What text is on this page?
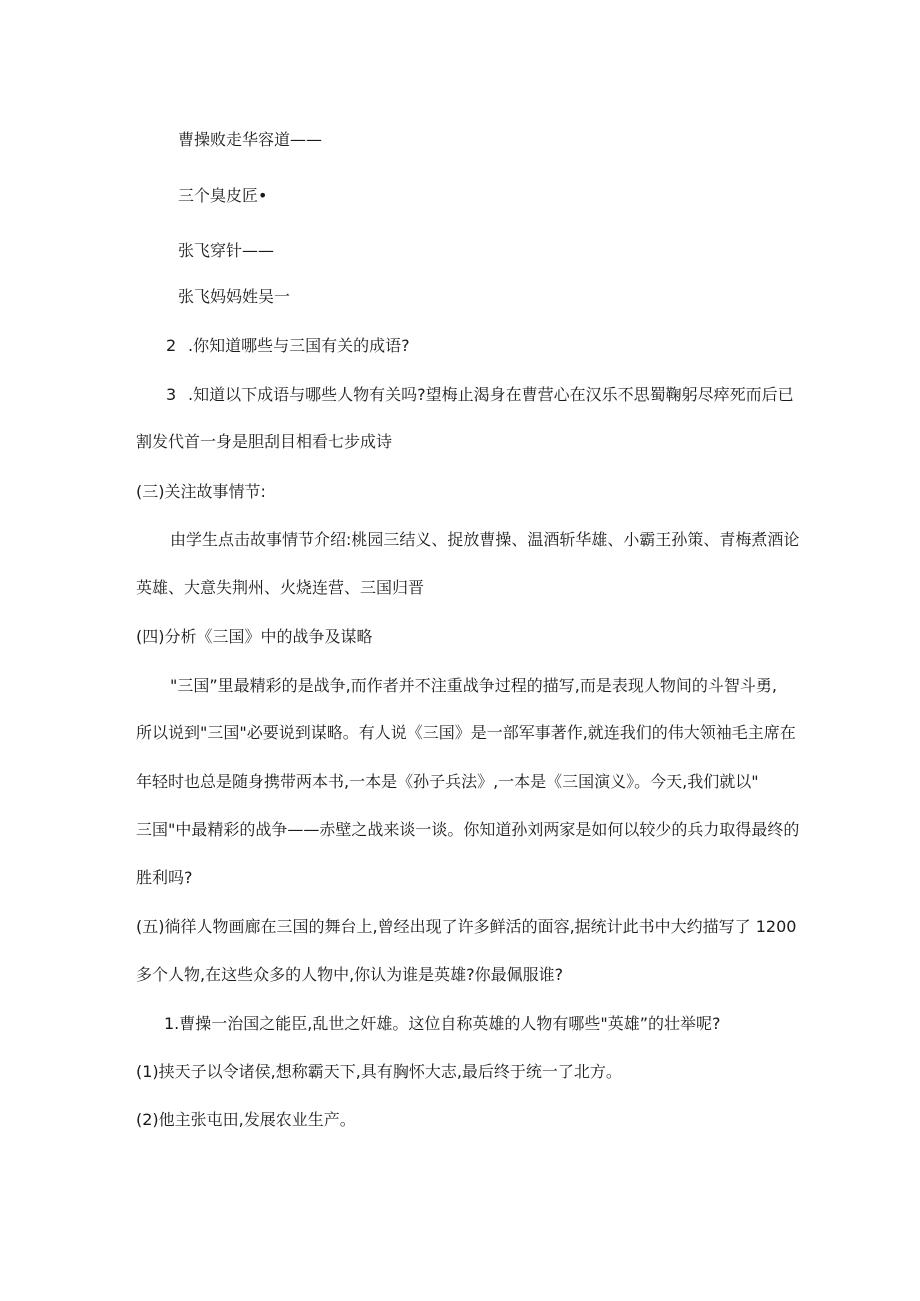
曹操败走华容道——

三个臭皮匠•

张飞穿针——

张飞妈妈姓吴一

2 .你知道哪些与三国有关的成语?

3 .知道以下成语与哪些人物有关吗?望梅止渴身在曹营心在汉乐不思蜀鞠躬尽瘁死而后已

割发代首一身是胆刮目相看七步成诗

(三)关注故事情节:

由学生点击故事情节介绍:桃园三结义、捉放曹操、温酒斩华雄、小霸王孙策、青梅煮酒论

英雄、大意失荆州、火烧连营、三国归晋

(四)分析《三国》中的战争及谋略

"三国”里最精彩的是战争,而作者并不注重战争过程的描写,而是表现人物间的斗智斗勇,

所以说到"三国"必要说到谋略。有人说《三国》是一部军事著作,就连我们的伟大领袖毛主席在

年轻时也总是随身携带两本书,一本是《孙子兵法》,一本是《三国演义》。今天,我们就以"

三国"中最精彩的战争——赤壁之战来谈一谈。你知道孙刘两家是如何以较少的兵力取得最终的

胜利吗?

(五)徜徉人物画廊在三国的舞台上,曾经出现了许多鲜活的面容,据统计此书中大约描写了 1200

多个人物,在这些众多的人物中,你认为谁是英雄?你最佩服谁?

1.曹操一治国之能臣,乱世之奸雄。这位自称英雄的人物有哪些"英雄”的壮举呢?

(1)挟天子以令诸侯,想称霸天下,具有胸怀大志,最后终于统一了北方。

(2)他主张屯田,发展农业生产。
